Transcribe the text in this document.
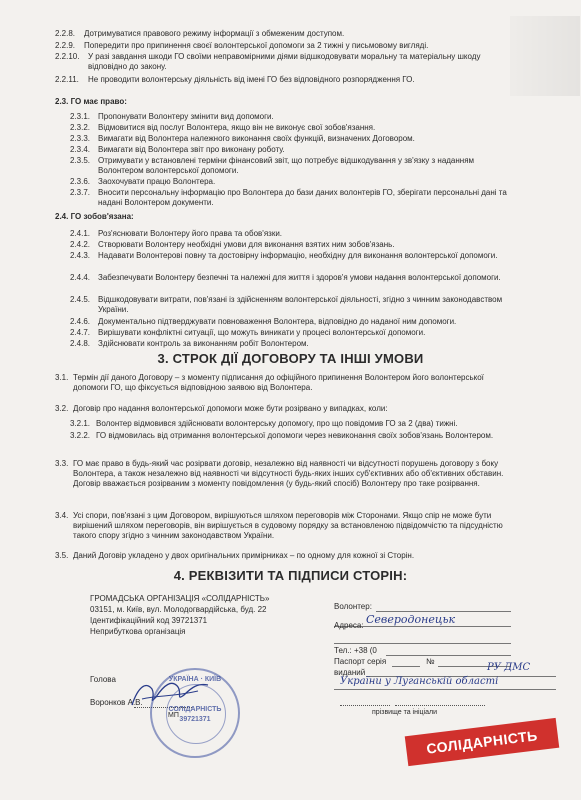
2.2.8.	Дотримуватися правового режиму інформації з обмеженим доступом.
2.2.9.	Попередити про припинення своєї волонтерської допомоги за 2 тижні у письмовому вигляді.
2.2.10.	У разі завдання шкоди ГО своїми неправомірними діями відшкодовувати моральну та матеріальну шкоду відповідно до закону.
2.2.11.	Не проводити волонтерську діяльність від імені ГО без відповідного розпорядження ГО.
2.3. ГО має право:
2.3.1. Пропонувати Волонтеру змінити вид допомоги.
2.3.2. Відмовитися від послуг Волонтера, якщо він не виконує свої зобов'язання.
2.3.3. Вимагати від Волонтера належного виконання своїх функцій, визначених Договором.
2.3.4. Вимагати від Волонтера звіт про виконану роботу.
2.3.5. Отримувати у встановлені терміни фінансовий звіт, що потребує відшкодування у зв'язку з наданням Волонтером волонтерської допомоги.
2.3.6. Заохочувати працю Волонтера.
2.3.7. Вносити персональну інформацію про Волонтера до бази даних волонтерів ГО, зберігати персональні дані та надані Волонтером документи.
2.4. ГО зобов'язана:
2.4.1. Роз'яснювати Волонтеру його права та обов'язки.
2.4.2. Створювати Волонтеру необхідні умови для виконання взятих ним зобов'язань.
2.4.3. Надавати Волонтерові повну та достовірну інформацію, необхідну для виконання волонтерської допомоги.
2.4.4. Забезпечувати Волонтеру безпечні та належні для життя і здоров'я умови надання волонтерської допомоги.
2.4.5. Відшкодовувати витрати, пов'язані із здійсненням волонтерської діяльності, згідно з чинним законодавством України.
2.4.6. Документально підтверджувати повноваження Волонтера, відповідно до наданої ним допомоги.
2.4.7. Вирішувати конфліктні ситуації, що можуть виникати у процесі волонтерської допомоги.
2.4.8. Здійснювати контроль за виконанням робіт Волонтером.
3. СТРОК ДІЇ ДОГОВОРУ ТА ІНШІ УМОВИ
3.1. Термін дії даного Договору – з моменту підписання до офіційного припинення Волонтером його волонтерської допомоги ГО, що фіксується відповідною заявою від Волонтера.
3.2. Договір про надання волонтерської допомоги може бути розірвано у випадках, коли:
3.2.1. Волонтер відмовився здійснювати волонтерську допомогу, про що повідомив ГО за 2 (два) тижні.
3.2.2. ГО відмовилась від отримання волонтерської допомоги через невиконання своїх зобов'язань Волонтером.
3.3. ГО має право в будь-який час розірвати договір, незалежно від наявності чи відсутності порушень договору з боку Волонтера, а також незалежно від наявності чи відсутності будь-яких інших суб'єктивних або об'єктивних обставин. Договір вважається розірваним з моменту повідомлення (у будь-який спосіб) Волонтеру про таке розірвання.
3.4. Усі спори, пов'язані з цим Договором, вирішуються шляхом переговорів між Сторонами. Якщо спір не може бути вирішений шляхом переговорів, він вирішується в судовому порядку за встановленою підвідомчістю та підсудністю такого спору згідно з чинним законодавством України.
3.5. Даний Договір укладено у двох оригінальних примірниках – по одному для кожної зі Сторін.
4. РЕКВІЗИТИ ТА ПІДПИСИ СТОРІН:
ГРОМАДСЬКА ОРГАНІЗАЦІЯ «СОЛІДАРНІСТЬ»
03151, м. Київ, вул. Молодогвардійська, буд. 22
Ідентифікаційний код 39721371
Неприбуткова організація
Голова
Воронков А.В.
МП
УКРАЇНА · КИЇВ
СОЛІДАРНІСТЬ
39721371
Волонтер:
Адреса: Северодонецьк
Тел.: +38 (0
Паспорт серія	№
виданий	РУ ДМС
України у Луганській області
прізвище та ініціали
СОЛІДАРНІСТЬ
